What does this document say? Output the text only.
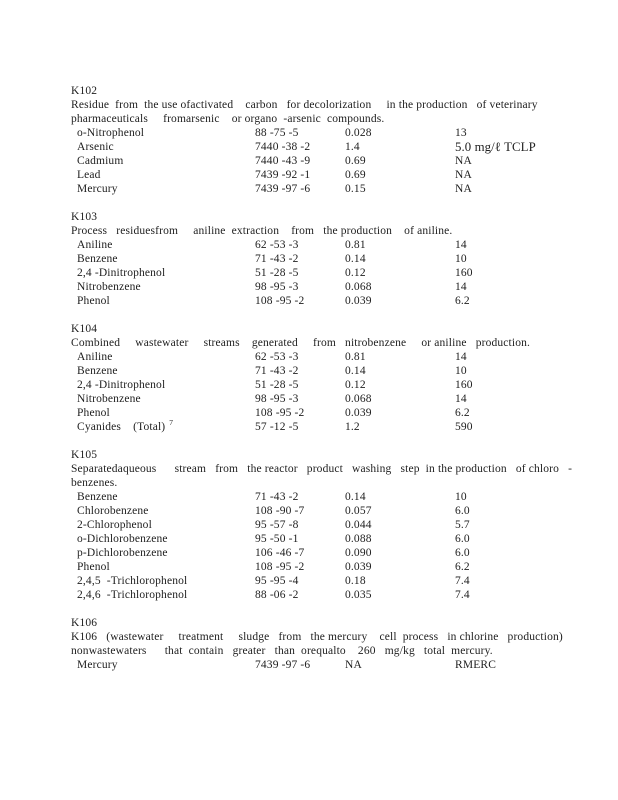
K102
Residue  from  the use ofactivated    carbon   for decolorization     in the production   of veterinary
pharmaceuticals     fromarsenic    or organo  -arsenic  compounds.
o-Nitrophenol	88 -75 -5	0.028	13
Arsenic	7440 -38 -2	1.4	5.0 mg/ℓ TCLP
Cadmium	7440 -43 -9	0.69	NA
Lead	7439 -92 -1	0.69	NA
Mercury	7439 -97 -6	0.15	NA
K103
Process   residuesfrom     aniline  extraction    from   the production    of aniline.
Aniline	62 -53 -3	0.81	14
Benzene	71 -43 -2	0.14	10
2,4 -Dinitrophenol	51 -28 -5	0.12	160
Nitrobenzene	98 -95 -3	0.068	14
Phenol	108 -95 -2	0.039	6.2
K104
Combined     wastewater     streams    generated     from   nitrobenzene     or aniline   production.
Aniline	62 -53 -3	0.81	14
Benzene	71 -43 -2	0.14	10
2,4 -Dinitrophenol	51 -28 -5	0.12	160
Nitrobenzene	98 -95 -3	0.068	14
Phenol	108 -95 -2	0.039	6.2
Cyanides    (Total) $^7$	57 -12 -5	1.2	590
K105
Separatedaqueous      stream   from   the reactor   product   washing   step  in the production   of chloro   -
benzenes.
Benzene	71 -43 -2	0.14	10
Chlorobenzene	108 -90 -7	0.057	6.0
2-Chlorophenol	95 -57 -8	0.044	5.7
o-Dichlorobenzene	95 -50 -1	0.088	6.0
p-Dichlorobenzene	106 -46 -7	0.090	6.0
Phenol	108 -95 -2	0.039	6.2
2,4,5  -Trichlorophenol	95 -95 -4	0.18	7.4
2,4,6  -Trichlorophenol	88 -06 -2	0.035	7.4
K106
K106   (wastewater     treatment     sludge   from   the mercury    cell  process   in chlorine   production)
nonwastewaters      that  contain   greater   than  orequalto    260   mg/kg   total  mercury.
Mercury	7439 -97 -6	NA	RMERC
